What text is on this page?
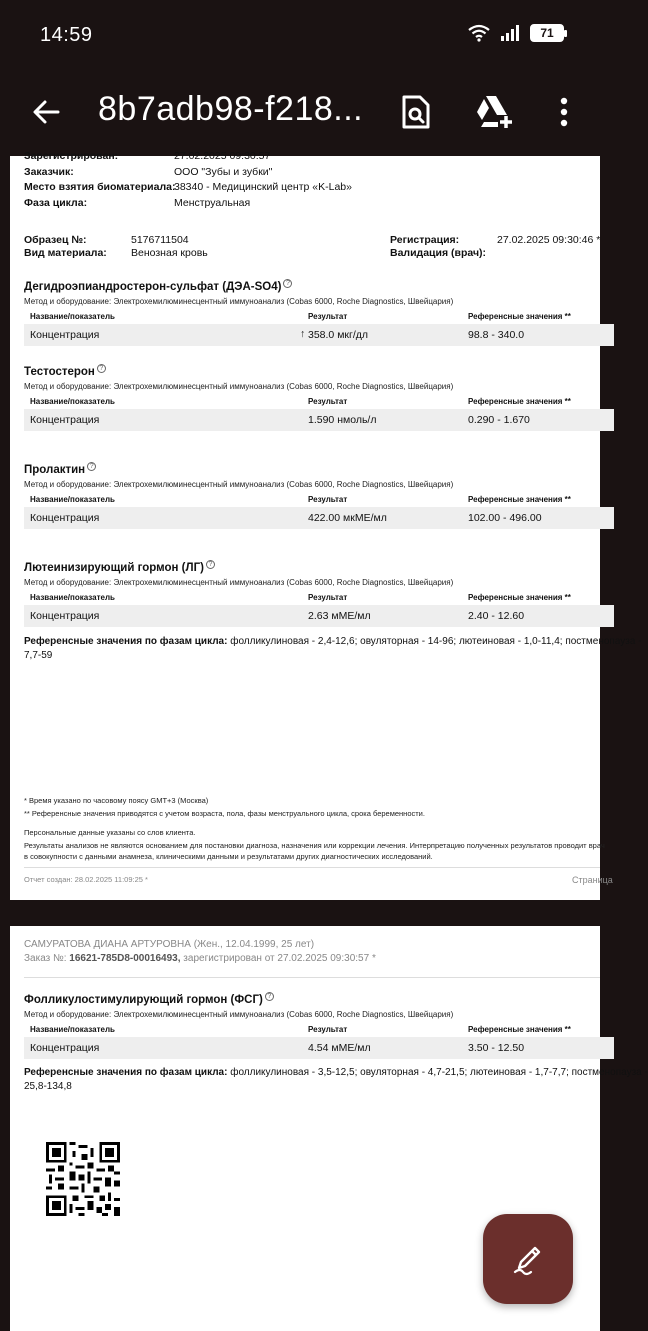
14:59	71
8b7adb98-f218...
Зарегистрирован:	27.02.2025 09:30:57
Заказчик:	ООО "Зубы и зубки"
Место взятия биоматериала:
38340 - Медицинский центр «K-Lab»
Фаза цикла:	Менструальная
Образец №:	5176711504
Вид материала: Венозная кровь
Регистрация:	27.02.2025 09:30:46 *
Валидация (врач):
Дегидроэпиандростерон-сульфат (ДЭА-SO4) ?
Метод и оборудование: Электрохемилюминесцентный иммуноанализ (Cobas 6000, Roche Diagnostics, Швейцария)
Название/показатель	Результат	Референсные значения **
Концентрация	↑ 358.0 мкг/дл	98.8 - 340.0
Тестостерон ?
Метод и оборудование: Электрохемилюминесцентный иммуноанализ (Cobas 6000, Roche Diagnostics, Швейцария)
Название/показатель	Результат	Референсные значения **
Концентрация	1.590 нмоль/л	0.290 - 1.670
Пролактин ?
Метод и оборудование: Электрохемилюминесцентный иммуноанализ (Cobas 6000, Roche Diagnostics, Швейцария)
Название/показатель	Результат	Референсные значения **
Концентрация	422.00 мкМЕ/мл	102.00 - 496.00
Лютеинизирующий гормон (ЛГ) ?
Метод и оборудование: Электрохемилюминесцентный иммуноанализ (Cobas 6000, Roche Diagnostics, Швейцария)
Название/показатель	Результат	Референсные значения **
Концентрация	2.63 мМЕ/мл	2.40 - 12.60
Референсные значения по фазам цикла: фолликулиновая - 2,4-12,6; овуляторная - 14-96; лютеиновая - 1,0-11,4; постменопауза -
7,7-59
* Время указано по часовому поясу GMT+3 (Москва)
** Референсные значения приводятся с учетом возраста, пола, фазы менструального цикла, срока беременности.
Персональные данные указаны со слов клиента.
Результаты анализов не являются основанием для постановки диагноза, назначения или коррекции лечения. Интерпретацию полученных результатов проводит врач
в совокупности с данными анамнеза, клиническими данными и результатами других диагностических исследований.
Отчет создан: 28.02.2025 11:09:25 *	Страница
САМУРАТОВА ДИАНА АРТУРОВНА (Жен., 12.04.1999, 25 лет)
Заказ №: 16621-785D8-00016493, зарегистрирован от 27.02.2025 09:30:57 *
Фолликулостимулирующий гормон (ФСГ) ?
Метод и оборудование: Электрохемилюминесцентный иммуноанализ (Cobas 6000, Roche Diagnostics, Швейцария)
Название/показатель	Результат	Референсные значения **
Концентрация	4.54 мМЕ/мл	3.50 - 12.50
Референсные значения по фазам цикла: фолликулиновая - 3,5-12,5; овуляторная - 4,7-21,5; лютеиновая - 1,7-7,7; постменопауза -
25,8-134,8
